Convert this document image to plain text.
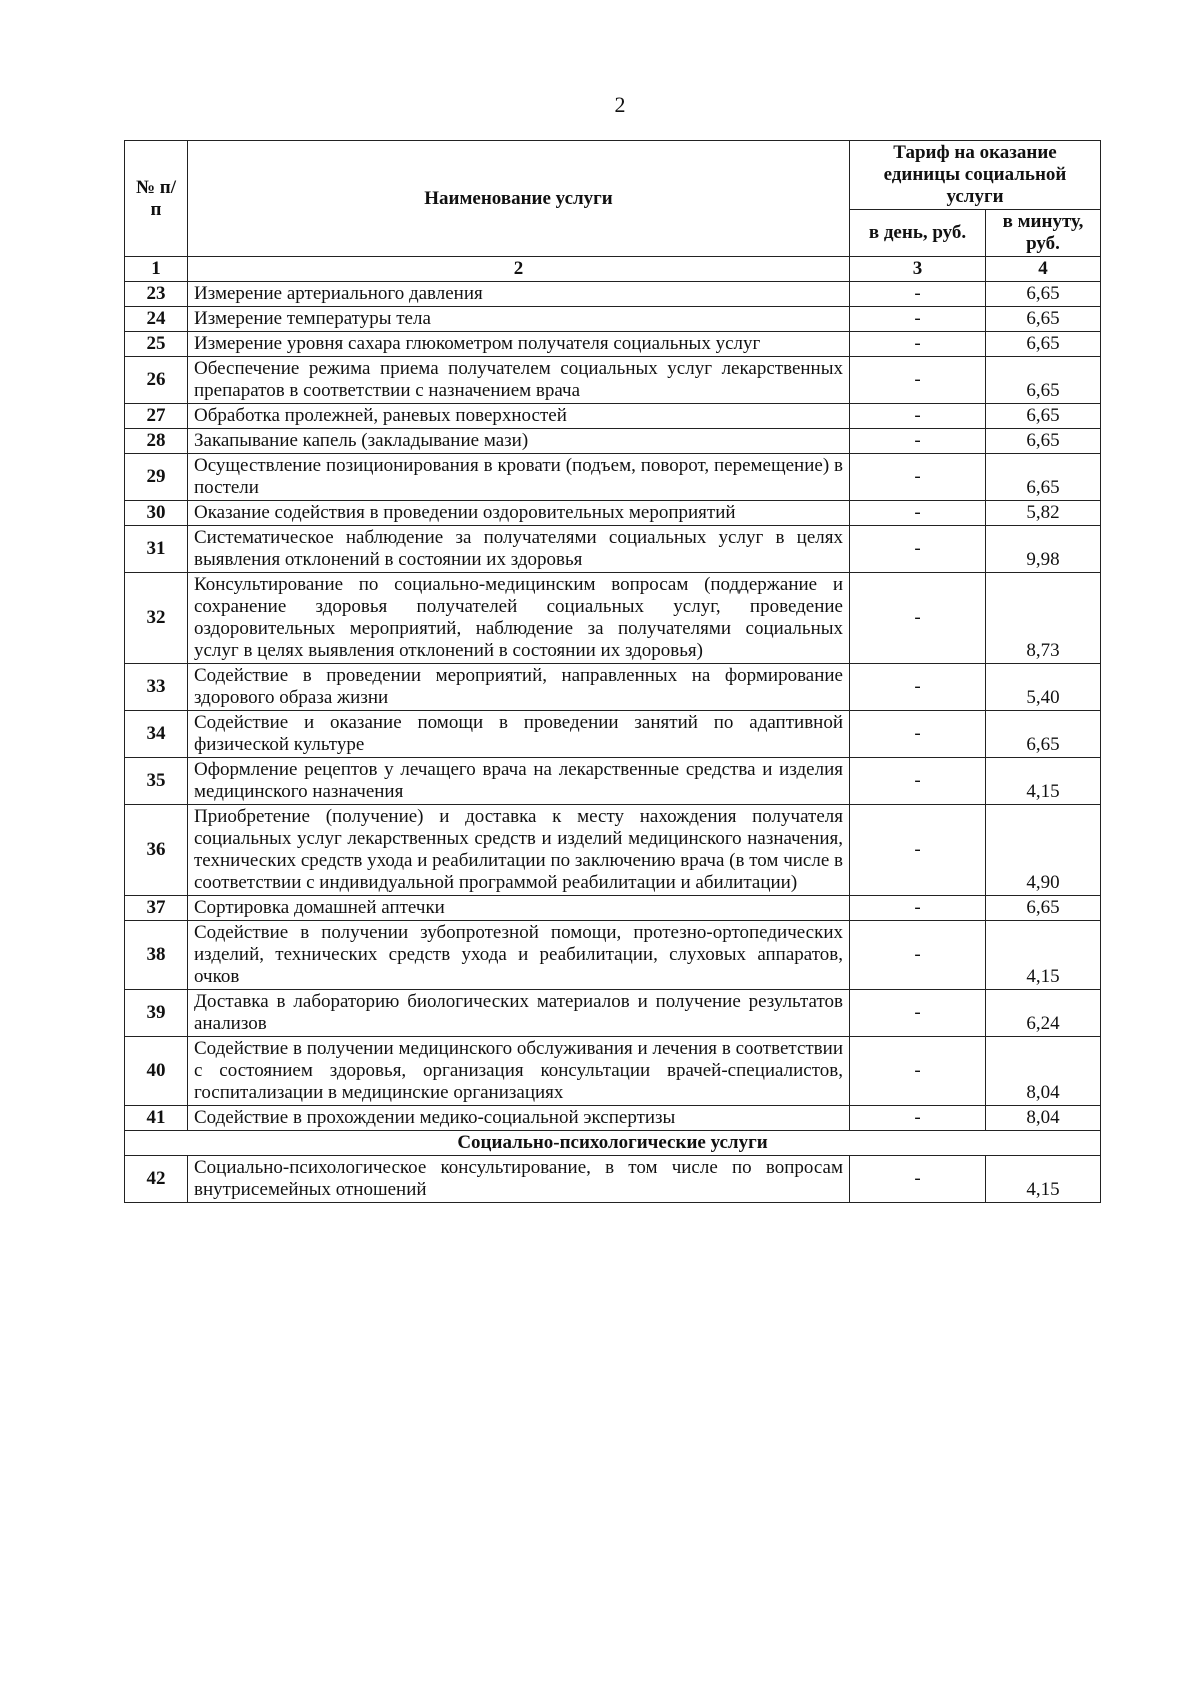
2
№ п/п	Наименование услуги	Тариф на оказание единицы социальной услуги	
		в день, руб.	в минуту, руб.
1	2	3	4
23	Измерение артериального давления	-	6,65
24	Измерение температуры тела	-	6,65
25	Измерение уровня сахара глюкометром получателя социальных услуг	-	6,65
26	Обеспечение режима приема получателем социальных услуг лекарственных препаратов в соответствии с назначением врача	-	6,65
27	Обработка пролежней, раневых поверхностей	-	6,65
28	Закапывание капель (закладывание мази)	-	6,65
29	Осуществление позиционирования в кровати (подъем, поворот, перемещение) в постели	-	6,65
30	Оказание содействия в проведении оздоровительных мероприятий	-	5,82
31	Систематическое наблюдение за получателями социальных услуг в целях выявления отклонений в состоянии их здоровья	-	9,98
32	Консультирование по социально-медицинским вопросам (поддержание и сохранение здоровья получателей социальных услуг, проведение оздоровительных мероприятий, наблюдение за получателями социальных услуг в целях выявления отклонений в состоянии их здоровья)	-	8,73
33	Содействие в проведении мероприятий, направленных на формирование здорового образа жизни	-	5,40
34	Содействие и оказание помощи в проведении занятий по адаптивной физической культуре	-	6,65
35	Оформление рецептов у лечащего врача на лекарственные средства и изделия медицинского назначения	-	4,15
36	Приобретение (получение) и доставка к месту нахождения получателя социальных услуг лекарственных средств и изделий медицинского назначения, технических средств ухода и реабилитации по заключению врача (в том числе в соответствии с индивидуальной программой реабилитации и абилитации)	-	4,90
37	Сортировка домашней аптечки	-	6,65
38	Содействие в получении зубопротезной помощи, протезно-ортопедических изделий, технических средств ухода и реабилитации, слуховых аппаратов, очков	-	4,15
39	Доставка в лабораторию биологических материалов и получение результатов анализов	-	6,24
40	Содействие в получении медицинского обслуживания и лечения в соответствии с состоянием здоровья, организация консультации врачей-специалистов, госпитализации в медицинские организациях	-	8,04
41	Содействие в прохождении медико-социальной экспертизы	-	8,04
Социально-психологические услуги			
42	Социально-психологическое консультирование, в том числе по вопросам внутрисемейных отношений	-	4,15
